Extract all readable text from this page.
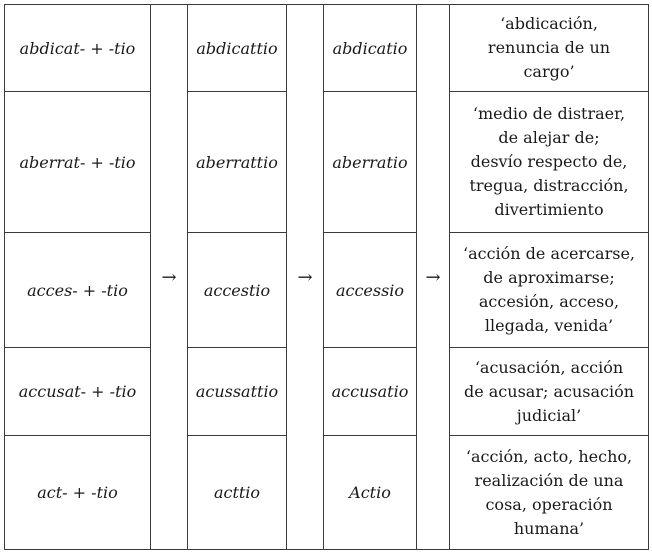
abdicat- + -tio	→	abdicattio	→	abdicatio	→	‘abdicación,
renuncia de un
cargo’

aberrat- + -tio		aberrattio		aberratio		‘medio de distraer,
de alejar de;
desvío respecto de,
tregua, distracción,
divertimiento

acces- + -tio		accestio		accessio		‘acción de acercarse,
de aproximarse;
accesión, acceso,
llegada, venida’

accusat- + -tio		acussattio		accusatio		‘acusación, acción
de acusar; acusación
judicial’

act- + -tio		acttio		Actio		‘acción, acto, hecho,
realización de una
cosa, operación
humana’
